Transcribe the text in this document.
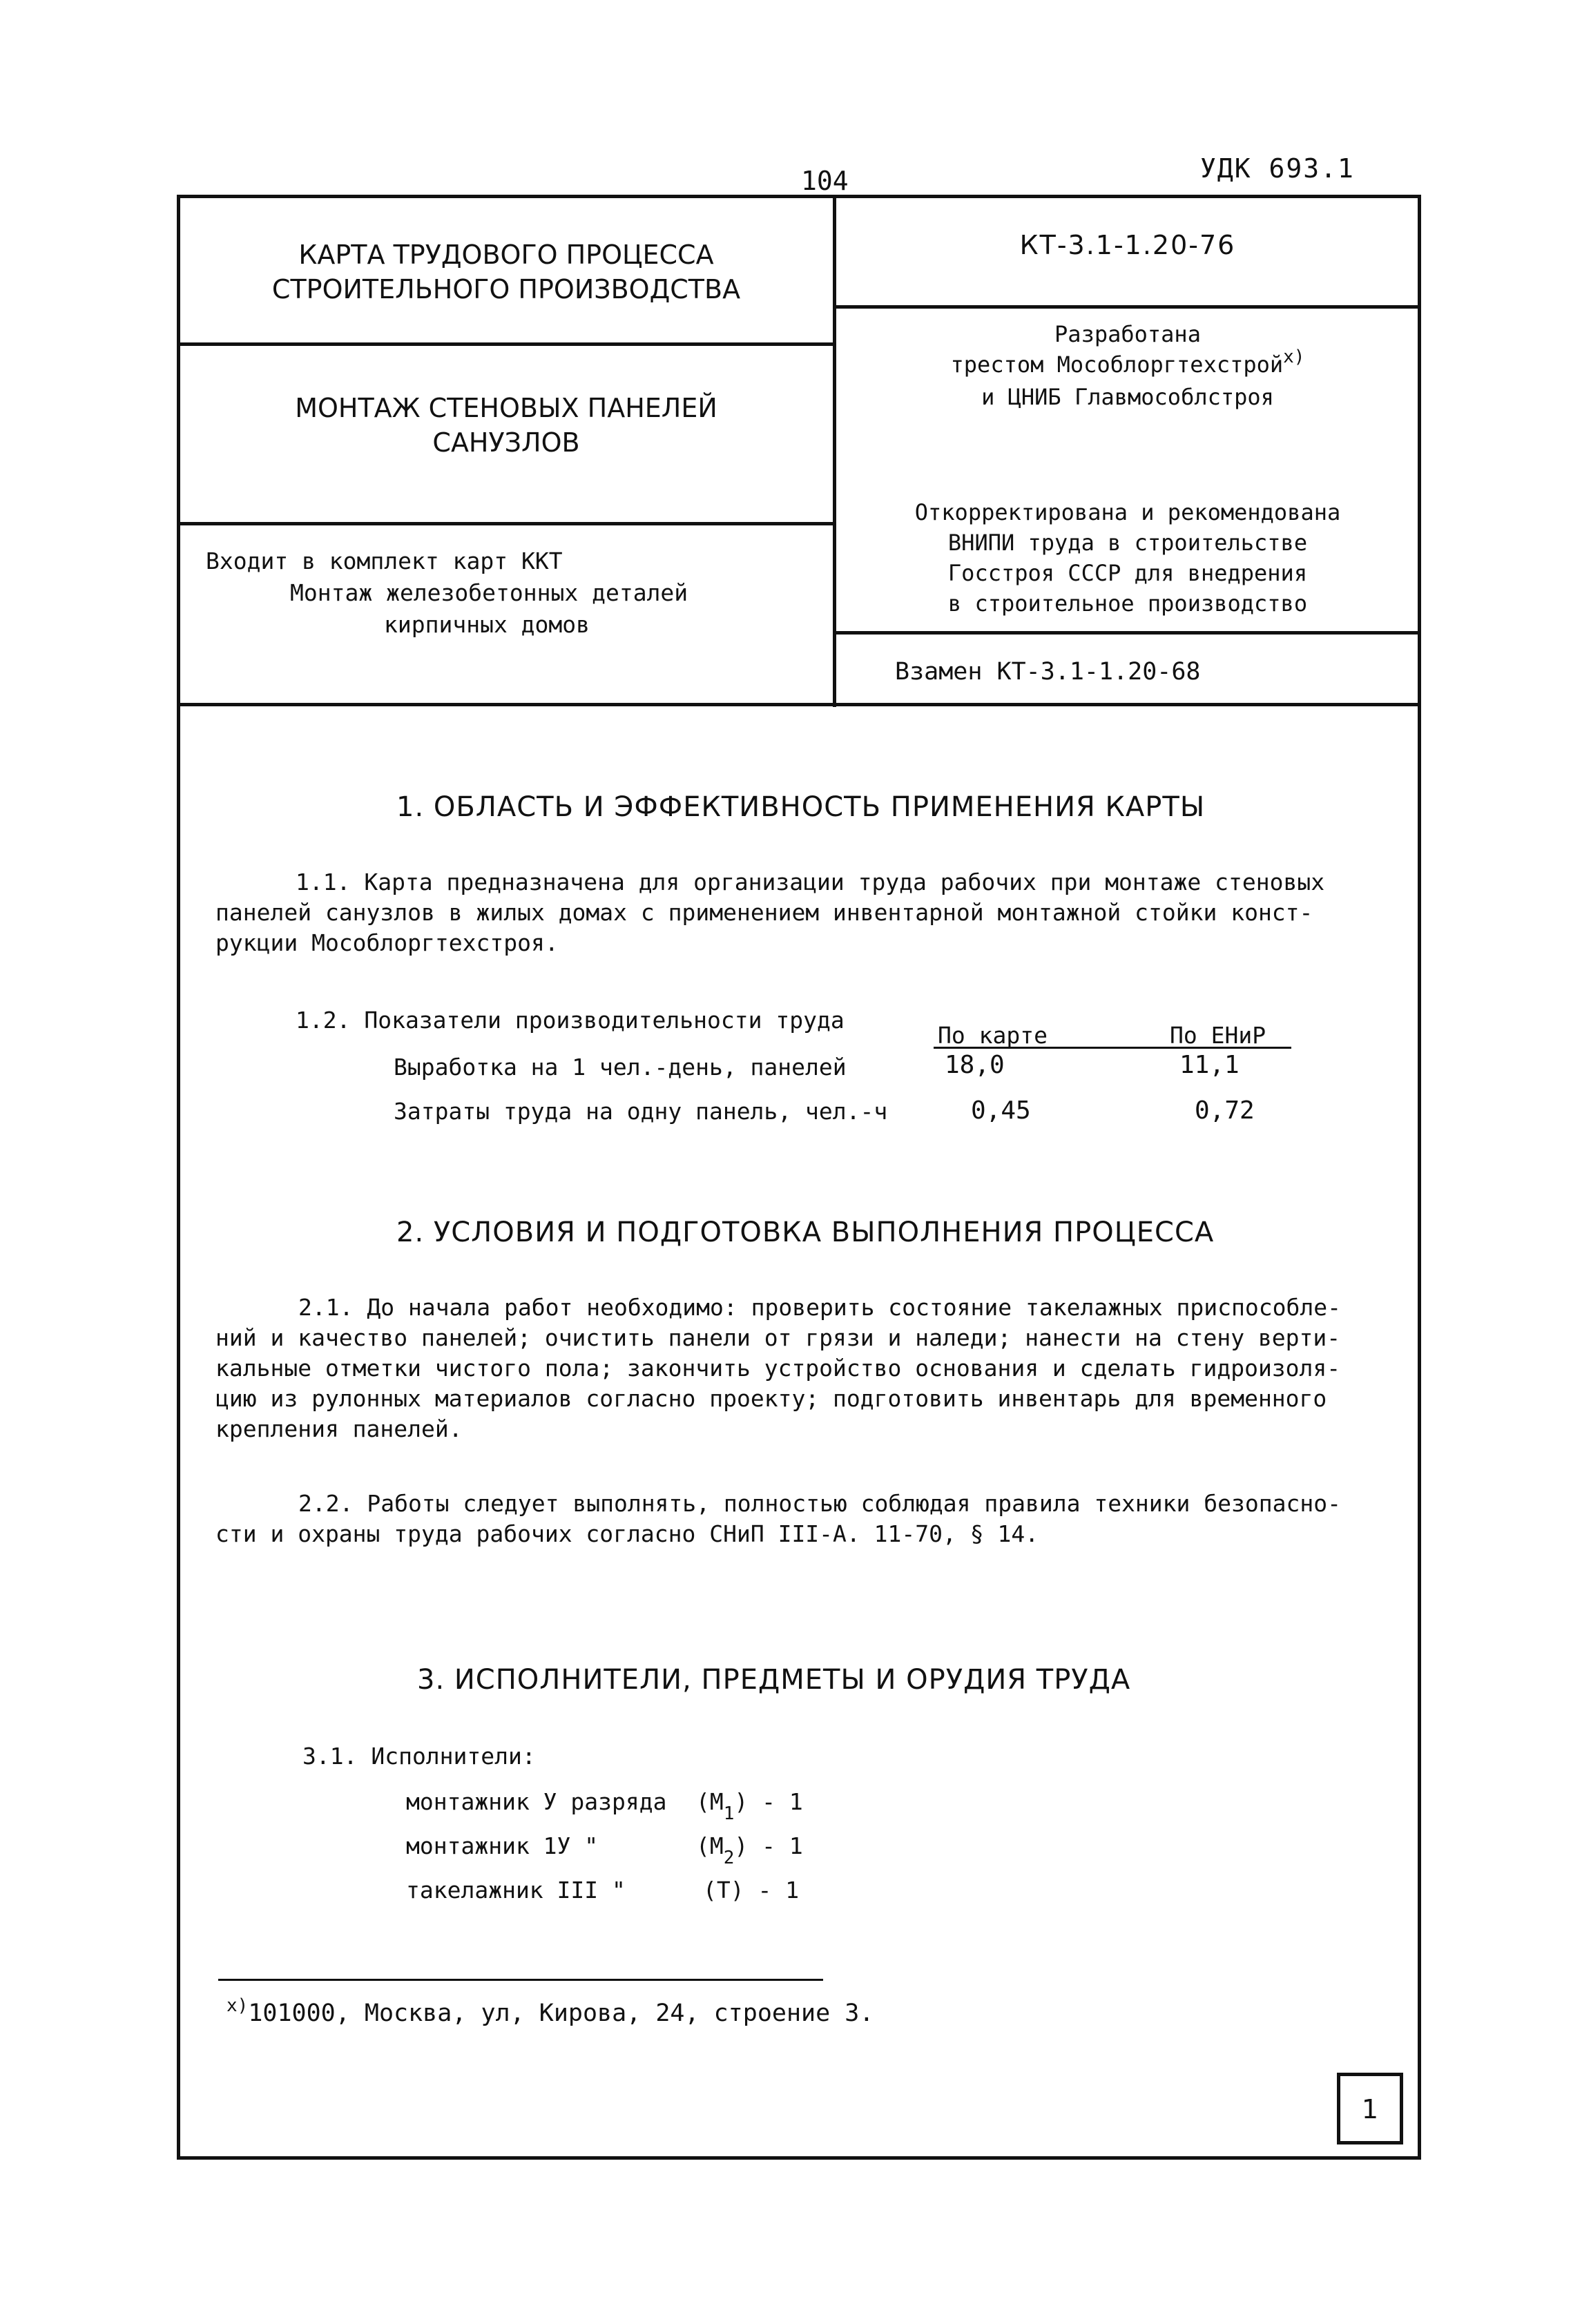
104	УДК 693.1
КАРТА ТРУДОВОГО ПРОЦЕССА
СТРОИТЕЛЬНОГО ПРОИЗВОДСТВА
КТ-3.1-1.20-76
МОНТАЖ СТЕНОВЫХ ПАНЕЛЕЙ
САНУЗЛОВ
Разработана
трестом Мособлоргтехстрой$^{х)}$
и ЦНИБ Главмособлстроя
Входит в комплект карт ККТ
Монтаж железобетонных деталей
кирпичных домов
Откорректирована и рекомендована
ВНИПИ труда в строительстве
Госстроя СССР для внедрения
в строительное производство
Взамен КТ-3.1-1.20-68
1. ОБЛАСТЬ И ЭФФЕКТИВНОСТЬ ПРИМЕНЕНИЯ КАРТЫ
1.1. Карта предназначена для организации труда рабочих при монтаже стеновых
панелей санузлов в жилых домах с применением инвентарной монтажной стойки конст-
рукции Мособлоргтехстроя.
1.2. Показатели производительности труда
По карте	По ЕНиР
Выработка на 1 чел.-день, панелей	18,0	11,1
Затраты труда на одну панель, чел.-ч	0,45	0,72
2. УСЛОВИЯ И ПОДГОТОВКА ВЫПОЛНЕНИЯ ПРОЦЕССА
2.1. До начала работ необходимо: проверить состояние такелажных приспособле-
ний и качество панелей; очистить панели от грязи и наледи; нанести на стену верти-
кальные отметки чистого пола; закончить устройство основания и сделать гидроизоля-
цию из рулонных материалов согласно проекту; подготовить инвентарь для временного
крепления панелей.
2.2. Работы следует выполнять, полностью соблюдая правила техники безопасно-
сти и охраны труда рабочих согласно СНиП III-А. 11-70, § 14.
3. ИСПОЛНИТЕЛИ, ПРЕДМЕТЫ И ОРУДИЯ ТРУДА
3.1. Исполнители:
монтажник У разряда $(М_1) - 1$
монтажник 1У "	$(М_2) - 1$
такелажник III "	(Т) - 1
$^{х)}$101000, Москва, ул, Кирова, 24, строение 3.
1
